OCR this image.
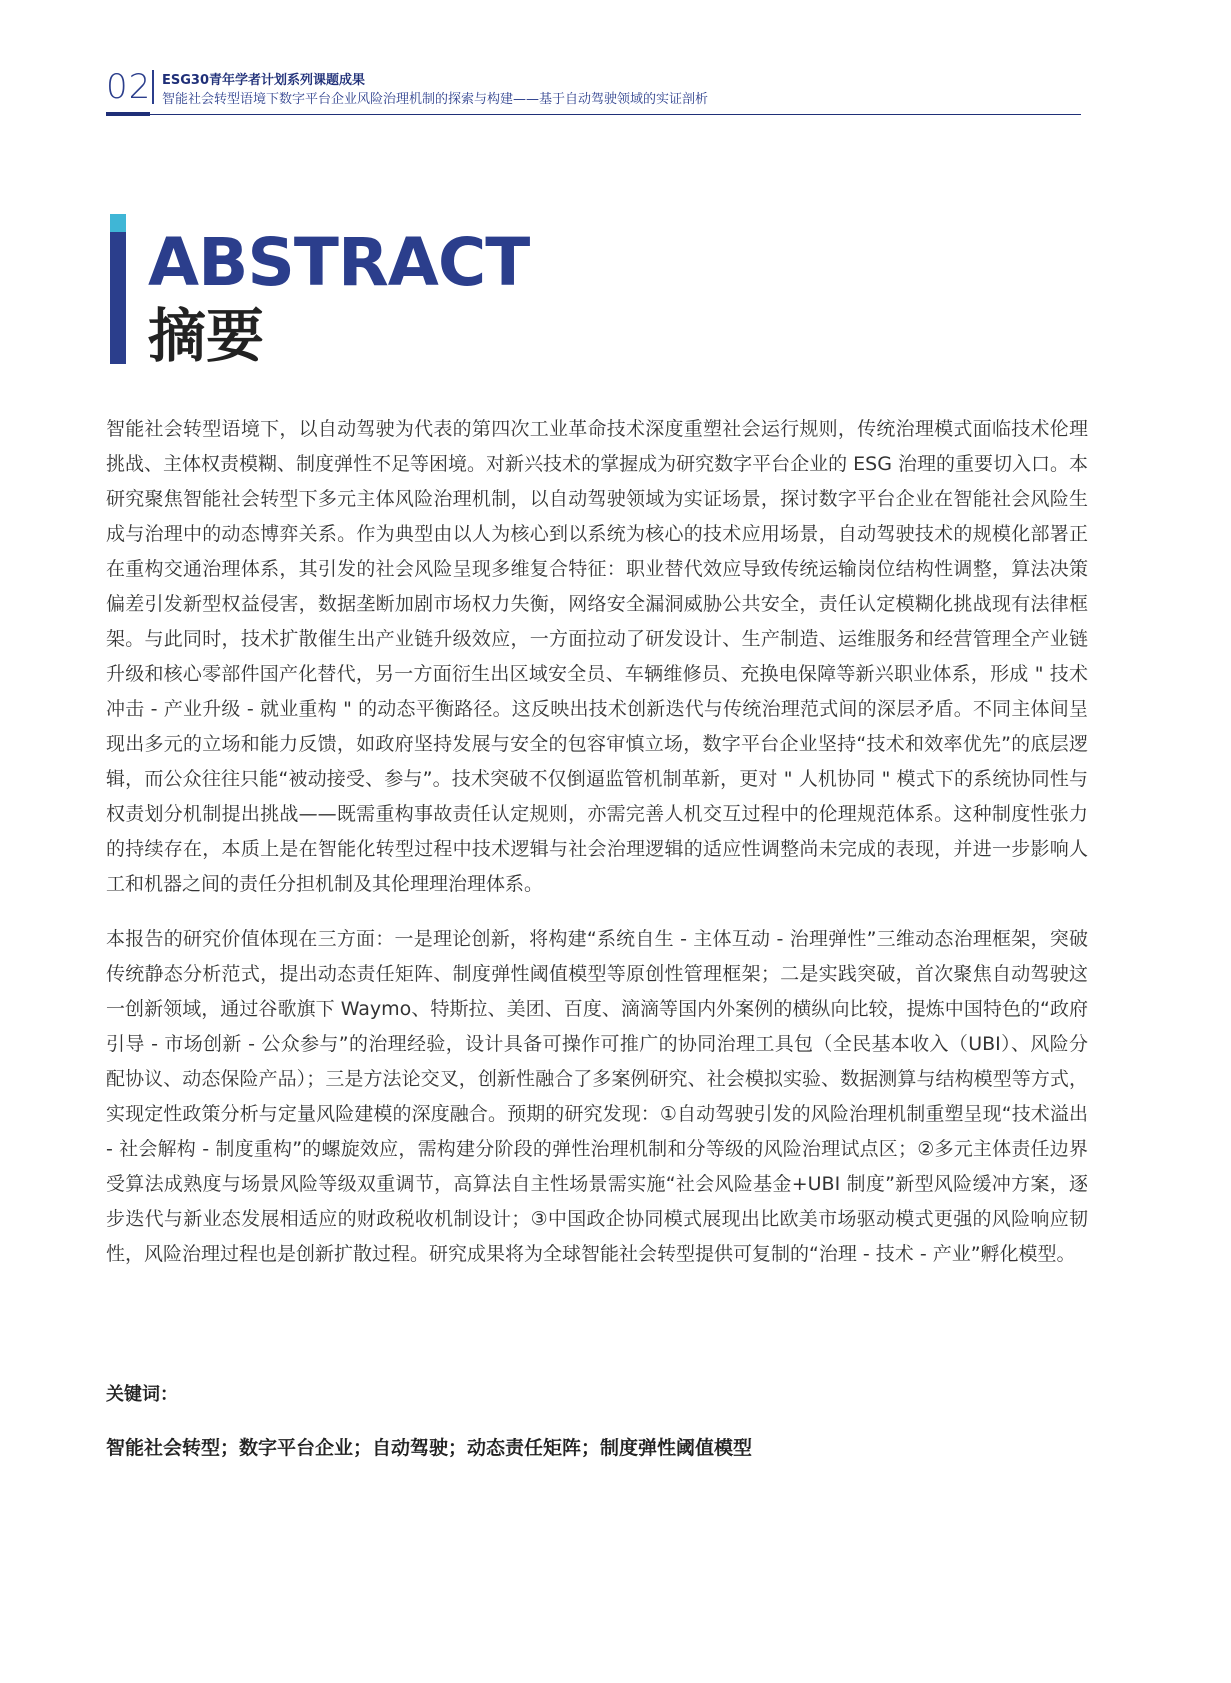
02 ESG30青年学者计划系列课题成果
智能社会转型语境下数字平台企业风险治理机制的探索与构建——基于自动驾驶领域的实证剖析
ABSTRACT
摘要

智能社会转型语境下，以自动驾驶为代表的第四次工业革命技术深度重塑社会运行规则，传统治理模式面临技术伦理挑战、主体权责模糊、制度弹性不足等困境。对新兴技术的掌握成为研究数字平台企业的 ESG 治理的重要切入口。本研究聚焦智能社会转型下多元主体风险治理机制，以自动驾驶领域为实证场景，探讨数字平台企业在智能社会风险生成与治理中的动态博弈关系。作为典型由以人为核心到以系统为核心的技术应用场景，自动驾驶技术的规模化部署正在重构交通治理体系，其引发的社会风险呈现多维复合特征：职业替代效应导致传统运输岗位结构性调整，算法决策偏差引发新型权益侵害，数据垄断加剧市场权力失衡，网络安全漏洞威胁公共安全，责任认定模糊化挑战现有法律框架。与此同时，技术扩散催生出产业链升级效应，一方面拉动了研发设计、生产制造、运维服务和经营管理全产业链升级和核心零部件国产化替代，另一方面衍生出区域安全员、车辆维修员、充换电保障等新兴职业体系，形成 " 技术冲击 - 产业升级 - 就业重构 " 的动态平衡路径。这反映出技术创新迭代与传统治理范式间的深层矛盾。不同主体间呈现出多元的立场和能力反馈，如政府坚持发展与安全的包容审慎立场，数字平台企业坚持“技术和效率优先”的底层逻辑，而公众往往只能“被动接受、参与”。技术突破不仅倒逼监管机制革新，更对 " 人机协同 " 模式下的系统协同性与权责划分机制提出挑战——既需重构事故责任认定规则，亦需完善人机交互过程中的伦理规范体系。这种制度性张力的持续存在，本质上是在智能化转型过程中技术逻辑与社会治理逻辑的适应性调整尚未完成的表现，并进一步影响人工和机器之间的责任分担机制及其伦理理治理体系。

本报告的研究价值体现在三方面：一是理论创新，将构建“系统自生 - 主体互动 - 治理弹性”三维动态治理框架，突破传统静态分析范式，提出动态责任矩阵、制度弹性阈值模型等原创性管理框架；二是实践突破，首次聚焦自动驾驶这一创新领域，通过谷歌旗下 Waymo、特斯拉、美团、百度、滴滴等国内外案例的横纵向比较，提炼中国特色的“政府引导 - 市场创新 - 公众参与”的治理经验，设计具备可操作可推广的协同治理工具包（全民基本收入（UBI）、风险分配协议、动态保险产品）；三是方法论交叉，创新性融合了多案例研究、社会模拟实验、数据测算与结构模型等方式，实现定性政策分析与定量风险建模的深度融合。预期的研究发现：①自动驾驶引发的风险治理机制重塑呈现“技术溢出 - 社会解构 - 制度重构”的螺旋效应，需构建分阶段的弹性治理机制和分等级的风险治理试点区；②多元主体责任边界受算法成熟度与场景风险等级双重调节，高算法自主性场景需实施“社会风险基金+UBI 制度”新型风险缓冲方案，逐步迭代与新业态发展相适应的财政税收机制设计；③中国政企协同模式展现出比欧美市场驱动模式更强的风险响应韧性，风险治理过程也是创新扩散过程。研究成果将为全球智能社会转型提供可复制的“治理 - 技术 - 产业”孵化模型。

关键词：
智能社会转型；数字平台企业；自动驾驶；动态责任矩阵；制度弹性阈值模型
